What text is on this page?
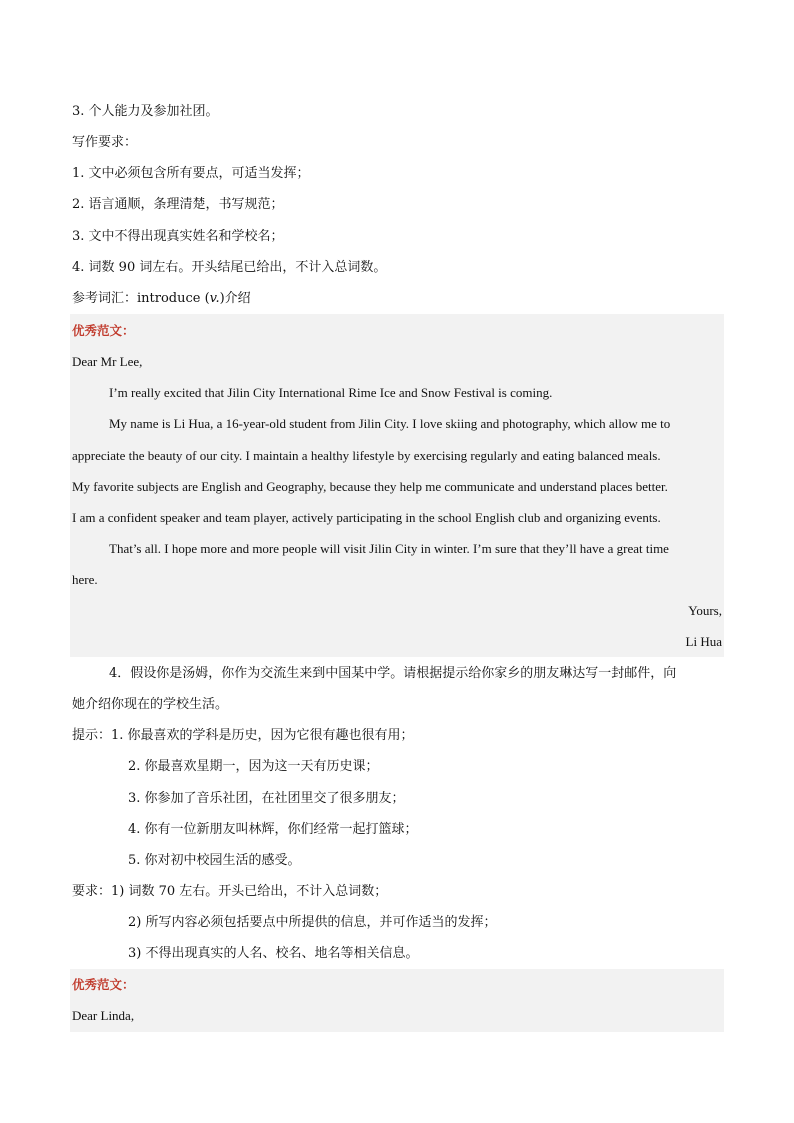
3. 个人能力及参加社团。
写作要求：
1. 文中必须包含所有要点，可适当发挥；
2. 语言通顺，条理清楚，书写规范；
3. 文中不得出现真实姓名和学校名；
4. 词数 90 词左右。开头结尾已给出，不计入总词数。
参考词汇：introduce (v.)介绍
优秀范文：
Dear Mr Lee,
I’m really excited that Jilin City International Rime Ice and Snow Festival is coming.
My name is Li Hua, a 16-year-old student from Jilin City. I love skiing and photography, which allow me to
appreciate the beauty of our city. I maintain a healthy lifestyle by exercising regularly and eating balanced meals.
My favorite subjects are English and Geography, because they help me communicate and understand places better.
I am a confident speaker and team player, actively participating in the school English club and organizing events.
That’s all. I hope more and more people will visit Jilin City in winter. I’m sure that they’ll have a great time
here.
Yours,
Li Hua
4．假设你是汤姆，你作为交流生来到中国某中学。请根据提示给你家乡的朋友琳达写一封邮件，向
她介绍你现在的学校生活。
提示：1. 你最喜欢的学科是历史，因为它很有趣也很有用；
2. 你最喜欢星期一，因为这一天有历史课；
3. 你参加了音乐社团，在社团里交了很多朋友；
4. 你有一位新朋友叫林辉，你们经常一起打篮球；
5. 你对初中校园生活的感受。
要求：1) 词数 70 左右。开头已给出，不计入总词数；
2) 所写内容必须包括要点中所提供的信息，并可作适当的发挥；
3) 不得出现真实的人名、校名、地名等相关信息。
优秀范文：
Dear Linda,
